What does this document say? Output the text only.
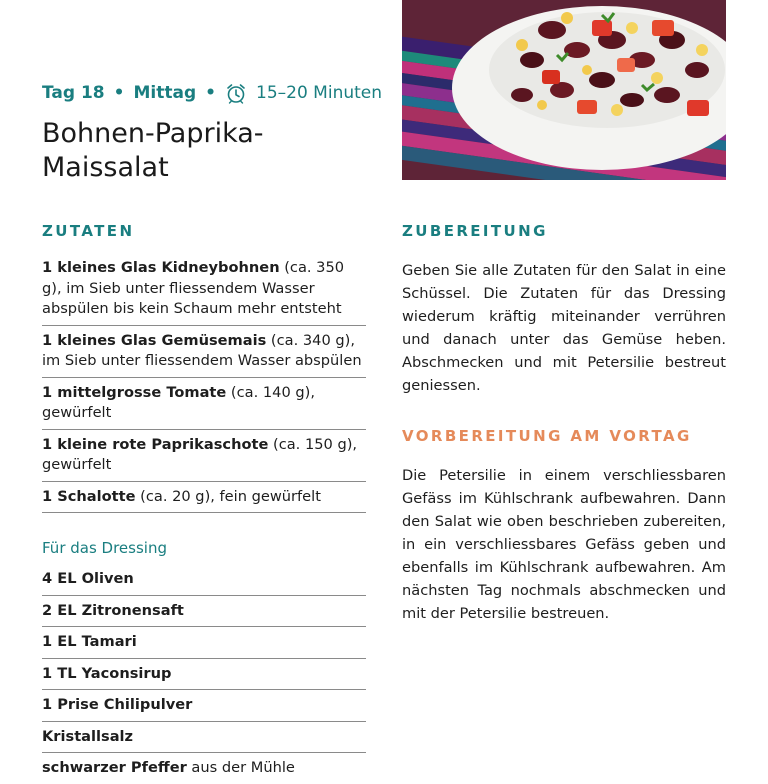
Tag 18 • Mittag • 15–20 Minuten
Bohnen-Paprika-
Maissalat
ZUTATEN
1 kleines Glas Kidneybohnen (ca. 350 g), im Sieb unter fliessendem Wasser abspülen bis kein Schaum mehr entsteht
1 kleines Glas Gemüsemais (ca. 340 g), im Sieb unter fliessendem Wasser abspülen
1 mittelgrosse Tomate (ca. 140 g), gewürfelt
1 kleine rote Paprikaschote (ca. 150 g), gewürfelt
1 Schalotte (ca. 20 g), fein gewürfelt
Für das Dressing
4 EL Oliven
2 EL Zitronensaft
1 EL Tamari
1 TL Yaconsirup
1 Prise Chilipulver
Kristallsalz
schwarzer Pfeffer aus der Mühle
ZUBEREITUNG

Geben Sie alle Zutaten für den Salat in eine Schüssel. Die Zutaten für das Dressing wiederum kräftig miteinander verrühren und danach unter das Gemüse heben. Abschmecken und mit Petersilie bestreut geniessen.

VORBEREITUNG AM VORTAG

Die Petersilie in einem verschliessbaren Gefäss im Kühlschrank aufbewahren. Dann den Salat wie oben beschrieben zubereiten, in ein verschliessbares Gefäss geben und ebenfalls im Kühlschrank aufbewahren. Am nächsten Tag nochmals abschmecken und mit der Petersilie bestreuen.
